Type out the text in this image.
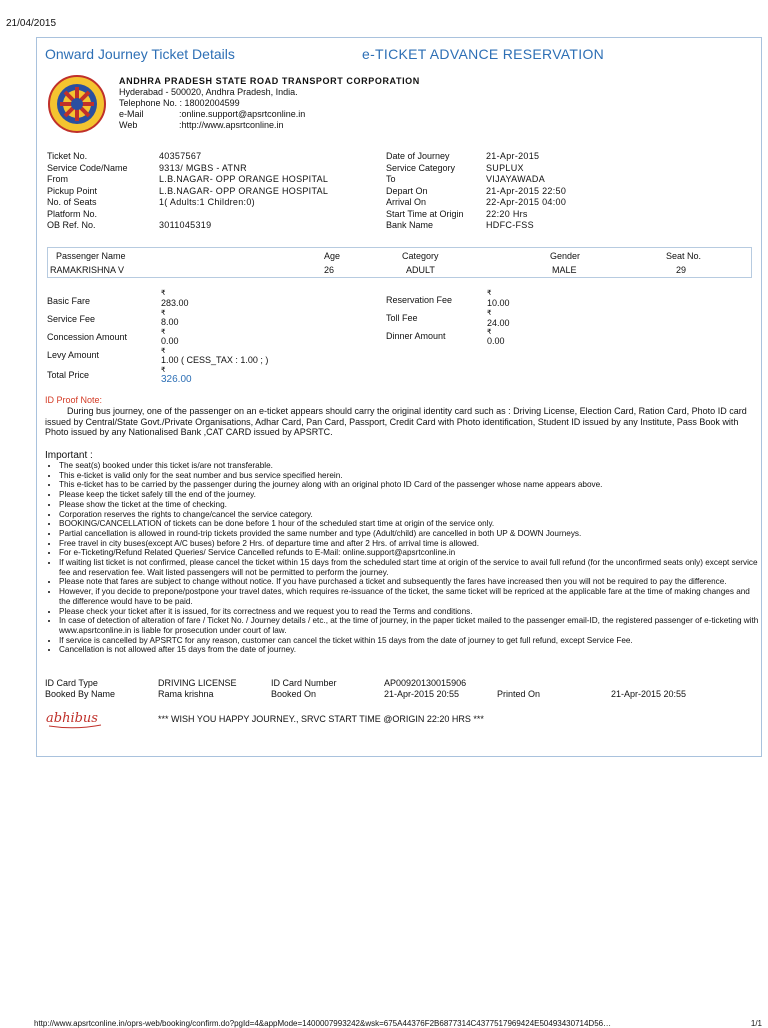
21/04/2015
Onward Journey Ticket Details	e-TICKET ADVANCE RESERVATION
ANDHRA PRADESH STATE ROAD TRANSPORT CORPORATION
Hyderabad - 500020, Andhra Pradesh, India.
Telephone No. : 18002004599
e-Mail	:online.support@apsrtconline.in
Web	:http://www.apsrtconline.in
Ticket No.	40357567
Service Code/Name	9313/ MGBS - ATNR
From	L.B.NAGAR- OPP ORANGE HOSPITAL
Pickup Point	L.B.NAGAR- OPP ORANGE HOSPITAL
No. of Seats	1( Adults:1 Children:0)
Platform No.
OB Ref. No.	3011045319
Date of Journey	21-Apr-2015
Service Category	SUPLUX
To	VIJAYAWADA
Depart On	21-Apr-2015 22:50
Arrival On	22-Apr-2015 04:00
Start Time at Origin	22:20 Hrs
Bank Name	HDFC-FSS
Passenger Name	Age	Category	Gender	Seat No.
RAMAKRISHNA V	26	ADULT	MALE	29
Basic Fare
₹
283.00
Service Fee
₹
8.00
Concession Amount	₹
0.00
Levy Amount	₹
1.00 ( CESS_TAX : 1.00 ; )
Total Price	₹
326.00
Reservation Fee
₹
10.00
Toll Fee	₹
24.00
Dinner Amount	₹
0.00
ID Proof Note:
During bus journey, one of the passenger on an e-ticket appears should carry the original identity card such as : Driving License, Election Card, Ration Card, Photo ID card issued by Central/State Govt./Private Organisations, Adhar Card, Pan Card, Passport, Credit Card with Photo identification, Student ID issued by any Institute, Pass Book with Photo issued by any Nationalised Bank ,CAT CARD issued by APSRTC.
Important :
• The seat(s) booked under this ticket is/are not transferable.
• This e-ticket is valid only for the seat number and bus service specified herein.
• This e-ticket has to be carried by the passenger during the journey along with an original photo ID Card of the passenger whose name appears above.
• Please keep the ticket safely till the end of the journey.
• Please show the ticket at the time of checking.
• Corporation reserves the rights to change/cancel the service category.
• BOOKING/CANCELLATION of tickets can be done before 1 hour of the scheduled start time at origin of the service only.
• Partial cancellation is allowed in round-trip tickets provided the same number and type (Adult/child) are cancelled in both UP & DOWN Journeys.
• Free travel in city buses(except A/C buses) before 2 Hrs. of departure time and after 2 Hrs. of arrival time is allowed.
• For e-Ticketing/Refund Related Queries/ Service Cancelled refunds to E-Mail: online.support@apsrtconline.in
• If waiting list ticket is not confirmed, please cancel the ticket within 15 days from the scheduled start time at origin of the service to avail full refund (for the unconfirmed seats only) except service fee and reservation fee. Wait listed passengers will not be permitted to perform the journey.
• Please note that fares are subject to change without notice. If you have purchased a ticket and subsequently the fares have increased then you will not be required to pay the difference.
• However, if you decide to prepone/postpone your travel dates, which requires re-issuance of the ticket, the same ticket will be repriced at the applicable fare at the time of making changes and the difference would have to be paid.
• Please check your ticket after it is issued, for its correctness and we request you to read the Terms and conditions.
• In case of detection of alteration of fare / Ticket No. / Journey details / etc., at the time of journey, in the paper ticket mailed to the passenger email-ID, the registered passenger of e-ticketing with www.apsrtconline.in is liable for prosecution under court of law.
• If service is cancelled by APSRTC for any reason, customer can cancel the ticket within 15 days from the date of journey to get full refund, except Service Fee.
• Cancellation is not allowed after 15 days from the date of journey.
ID Card Type	DRIVING LICENSE	ID Card Number	AP00920130015906
Booked By Name	Rama krishna	Booked On	21-Apr-2015 20:55	Printed On	21-Apr-2015 20:55
abhibus	*** WISH YOU HAPPY JOURNEY., SRVC START TIME @ORIGIN 22:20 HRS ***
http://www.apsrtconline.in/oprs-web/booking/confirm.do?pgId=4&appMode=1400007993242&wsk=675A44376F2B6877314C4377517969424E50493430714D56…	1/1
